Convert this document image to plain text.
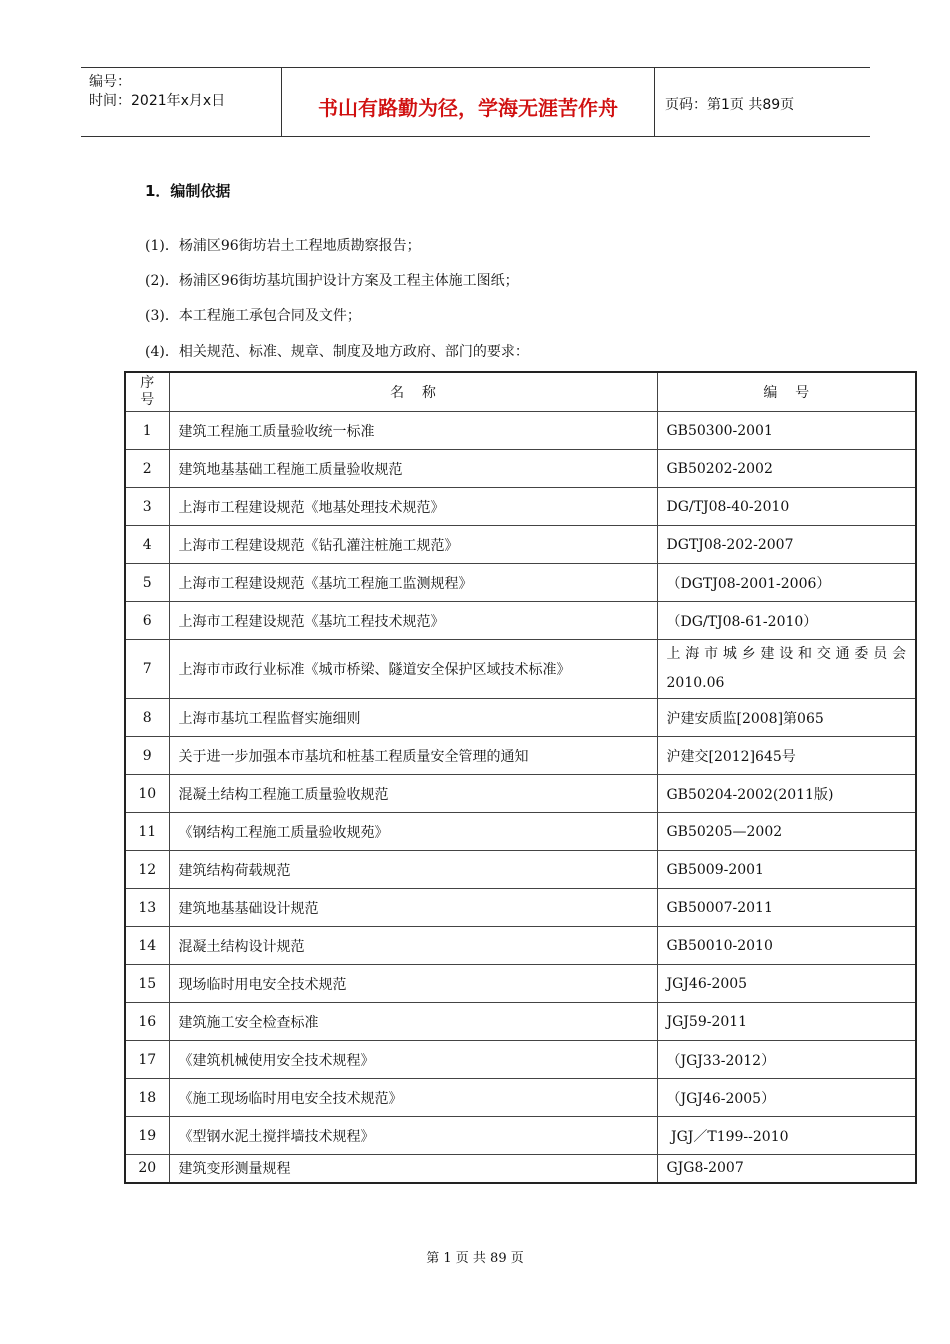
编号：
时间：2021年x月x日	书山有路勤为径，学海无涯苦作舟	页码：第1页 共89页
1．编制依据
(1)．杨浦区96街坊岩土工程地质勘察报告；
(2)．杨浦区96街坊基坑围护设计方案及工程主体施工图纸；
(3)．本工程施工承包合同及文件；
(4)．相关规范、标准、规章、制度及地方政府、部门的要求：
序号	名    称	编    号
1	建筑工程施工质量验收统一标准	GB50300-2001
2	建筑地基基础工程施工质量验收规范	GB50202-2002
3	上海市工程建设规范《地基处理技术规范》	DG/TJ08-40-2010
4	上海市工程建设规范《钻孔灌注桩施工规范》	DGTJ08-202-2007
5	上海市工程建设规范《基坑工程施工监测规程》	（DGTJ08-2001-2006）
6	上海市工程建设规范《基坑工程技术规范》	（DG/TJ08-61-2010）
7	上海市市政行业标准《城市桥梁、隧道安全保护区域技术标准》	上海市城乡建设和交通委员会2010.06
8	上海市基坑工程监督实施细则	沪建安质监[2008]第065
9	关于进一步加强本市基坑和桩基工程质量安全管理的通知	沪建交[2012]645号
10	混凝土结构工程施工质量验收规范	GB50204-2002(2011版)
11	《钢结构工程施工质量验收规苑》	GB50205—2002
12	建筑结构荷载规范	GB5009-2001
13	建筑地基基础设计规范	GB50007-2011
14	混凝土结构设计规范	GB50010-2010
15	现场临时用电安全技术规范	JGJ46-2005
16	建筑施工安全检查标准	JGJ59-2011
17	《建筑机械使用安全技术规程》	（JGJ33-2012）
18	《施工现场临时用电安全技术规范》	（JGJ46-2005）
19	《型钢水泥土搅拌墙技术规程》	JGJ／T199--2010
20	建筑变形测量规程	GJG8-2007
第 1 页 共 89 页
